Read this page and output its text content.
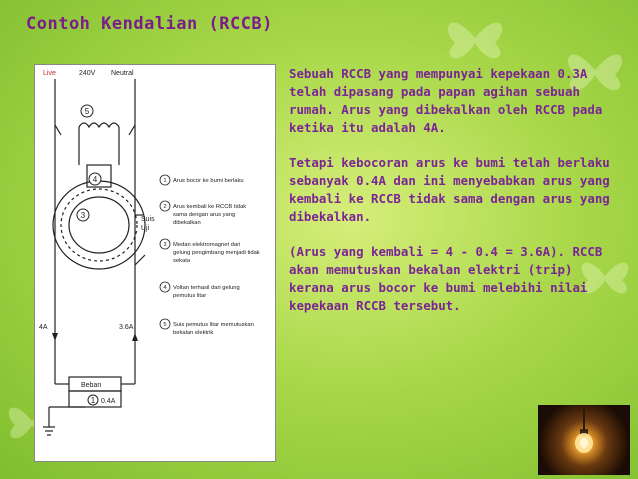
Contoh Kendalian (RCCB)
5
4
3
1
Live	240V Neutral
Suis
Uji
4A	3.6A
Beban
0.4A
1
2
3
4
5
Arus bocor ke bumi berlaku
Arus kembali ke RCCB tidak
sama dengan arus yang
dibekalkan
Medan elektromagnet dari
gelung pengimbang menjadi tidak
sekata
Voltan terhasil dari gelung
pemutus litar
Suis pemutus litar memutuskan
bekalan elektrik

Sebuah RCCB yang mempunyai kepekaan 0.3A telah dipasang pada papan agihan sebuah rumah. Arus yang dibekalkan oleh RCCB pada ketika itu adalah 4A.

Tetapi kebocoran arus ke bumi telah berlaku sebanyak 0.4A dan ini menyebabkan arus yang kembali ke RCCB tidak sama dengan arus yang dibekalkan.

(Arus yang kembali = 4 - 0.4 = 3.6A). RCCB akan memutuskan bekalan elektri (trip) kerana arus bocor ke bumi melebihi nilai kepekaan RCCB tersebut.
